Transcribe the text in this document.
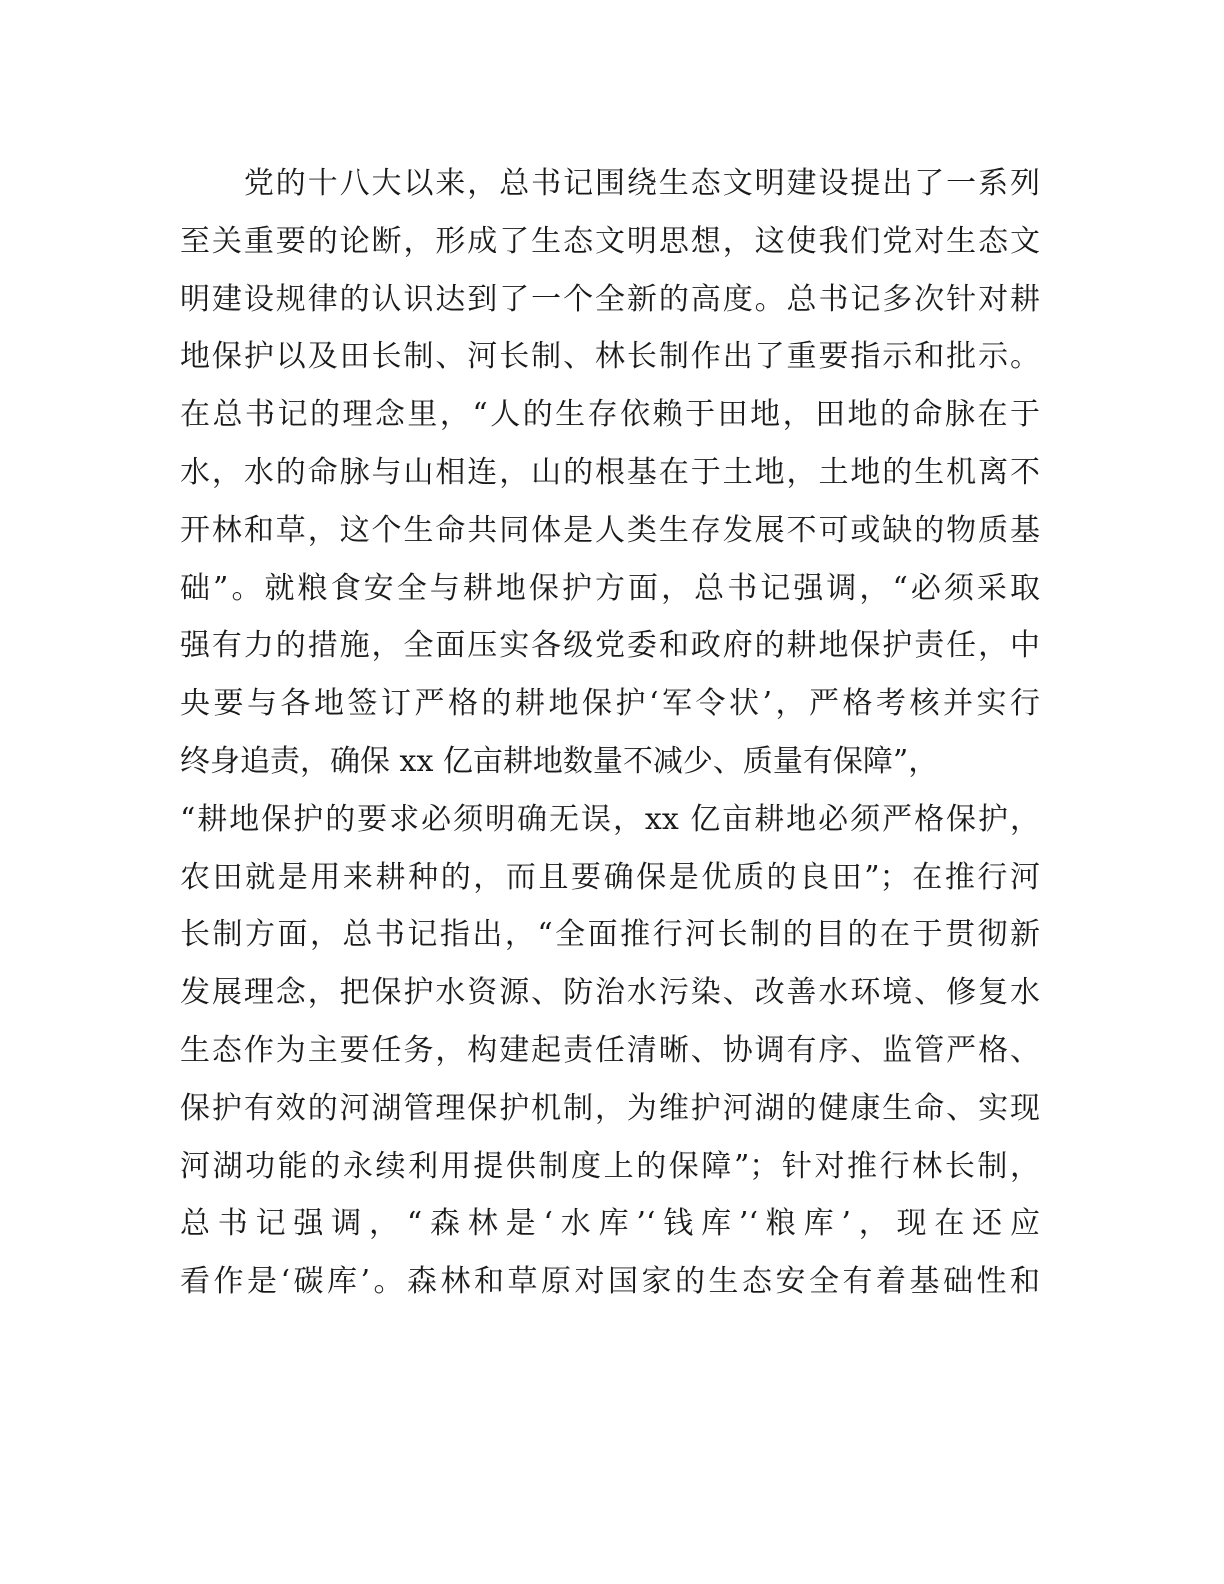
　　党的十八大以来，总书记围绕生态文明建设提出了一系列
至关重要的论断，形成了生态文明思想，这使我们党对生态文
明建设规律的认识达到了一个全新的高度。总书记多次针对耕
地保护以及田长制、河长制、林长制作出了重要指示和批示。
在总书记的理念里，“人的生存依赖于田地，田地的命脉在于
水，水的命脉与山相连，山的根基在于土地，土地的生机离不
开林和草，这个生命共同体是人类生存发展不可或缺的物质基
础”。就粮食安全与耕地保护方面，总书记强调，“必须采取
强有力的措施，全面压实各级党委和政府的耕地保护责任，中
央要与各地签订严格的耕地保护‘军令状’，严格考核并实行
终身追责，确保 xx 亿亩耕地数量不减少、质量有保障”，
“耕地保护的要求必须明确无误，xx 亿亩耕地必须严格保护，
农田就是用来耕种的，而且要确保是优质的良田”；在推行河
长制方面，总书记指出，“全面推行河长制的目的在于贯彻新
发展理念，把保护水资源、防治水污染、改善水环境、修复水
生态作为主要任务，构建起责任清晰、协调有序、监管严格、
保护有效的河湖管理保护机制，为维护河湖的健康生命、实现
河湖功能的永续利用提供制度上的保障”；针对推行林长制，
总书记强调，“森林是‘水库’‘钱库’‘粮库’，现在还应
看作是‘碳库’。森林和草原对国家的生态安全有着基础性和
